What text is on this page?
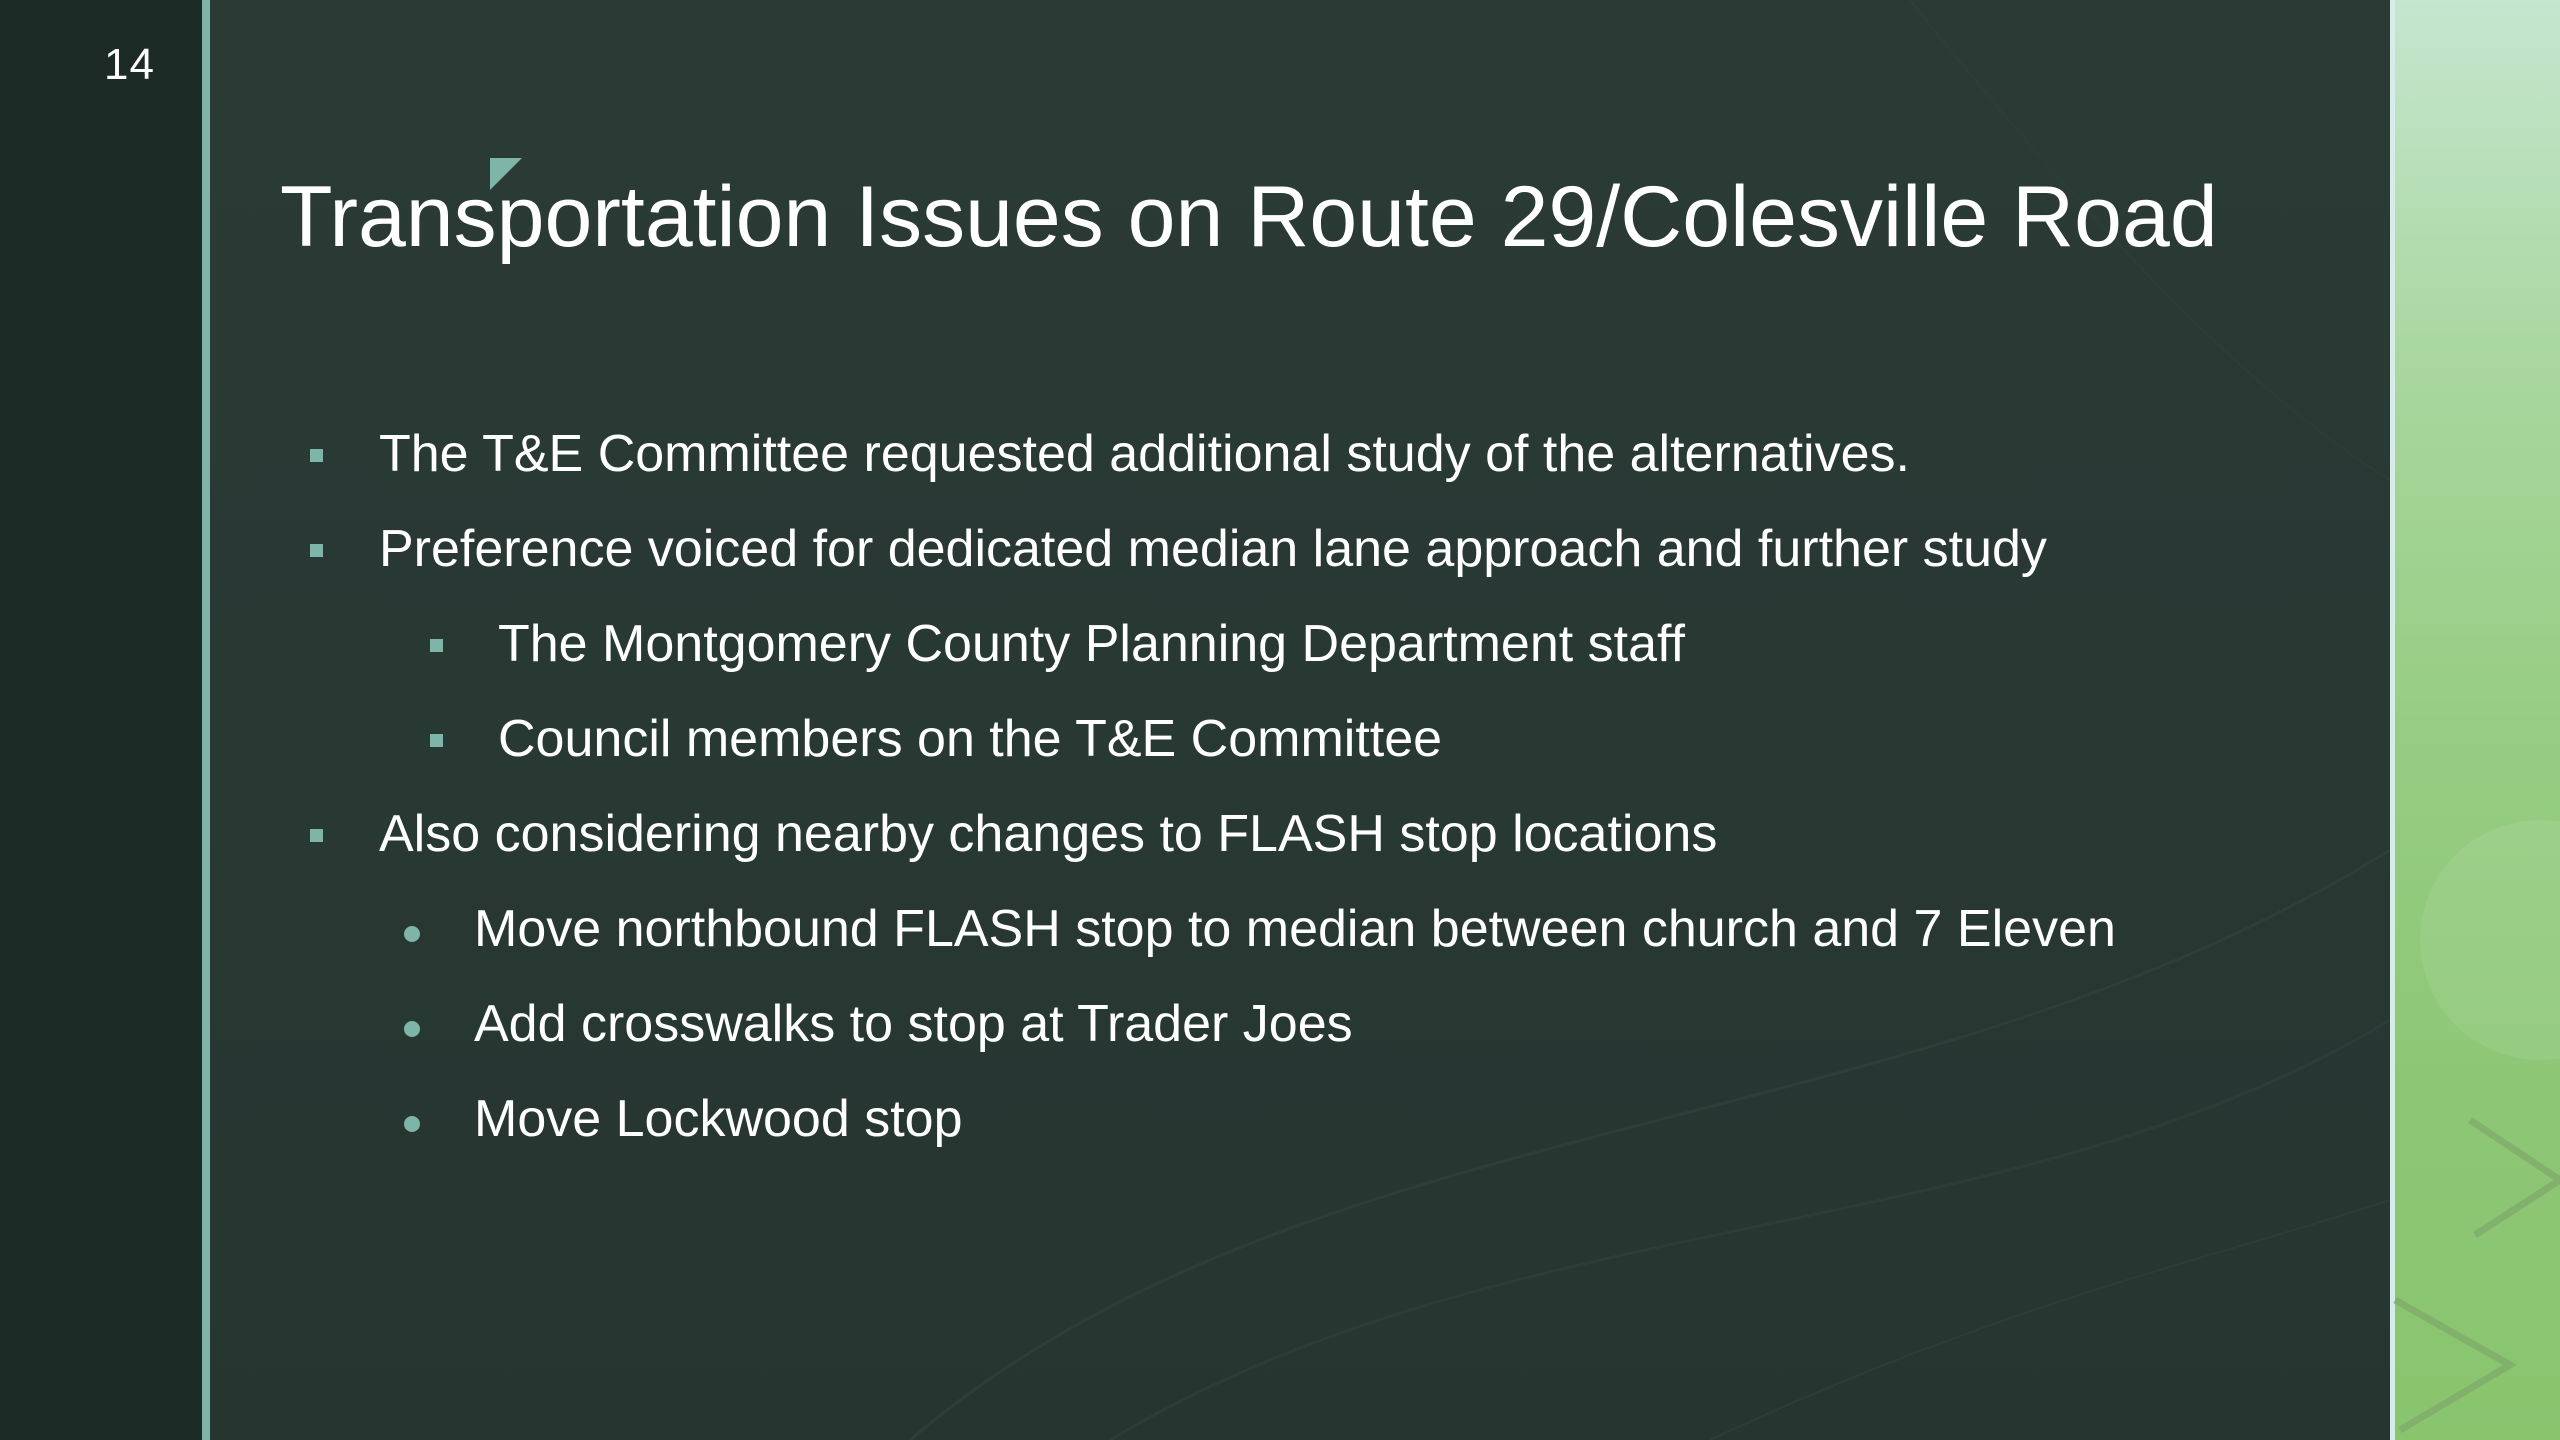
14
Transportation Issues on Route 29/Colesville Road
The T&E Committee requested additional study of the alternatives.
Preference voiced for dedicated median lane approach and further study
The Montgomery County Planning Department staff
Council members on the T&E Committee
Also considering nearby changes to FLASH stop locations
Move northbound FLASH stop to median between church and 7 Eleven
Add crosswalks to stop at Trader Joes
Move Lockwood stop
